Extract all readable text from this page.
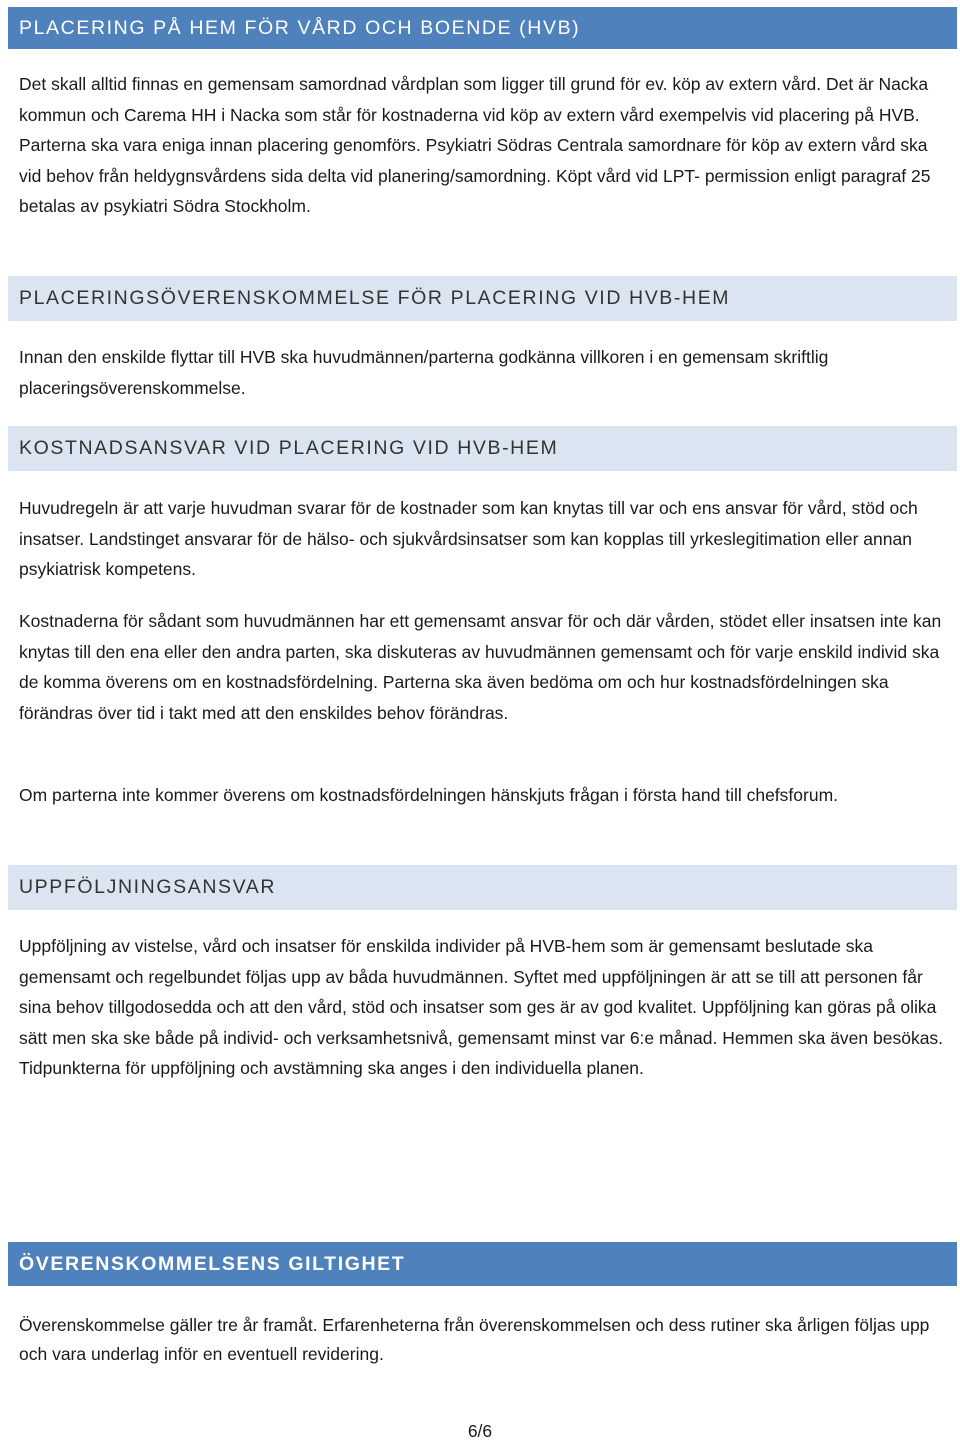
PLACERING PÅ HEM FÖR VÅRD OCH BOENDE (HVB)

Det skall alltid finnas en gemensam samordnad vårdplan som ligger till grund för ev. köp av extern vård. Det är Nacka kommun och Carema HH i Nacka som står för kostnaderna vid köp av extern vård exempelvis vid placering på HVB. Parterna ska vara eniga innan placering genomförs. Psykiatri Södras Centrala samordnare för köp av extern vård ska vid behov från heldygnsvårdens sida delta vid planering/samordning. Köpt vård vid LPT- permission enligt paragraf 25 betalas av psykiatri Södra Stockholm.

PLACERINGSÖVERENSKOMMELSE FÖR PLACERING VID HVB-HEM

Innan den enskilde flyttar till HVB ska huvudmännen/parterna godkänna villkoren i en gemensam skriftlig placeringsöverenskommelse.

KOSTNADSANSVAR VID PLACERING VID HVB-HEM

Huvudregeln är att varje huvudman svarar för de kostnader som kan knytas till var och ens ansvar för vård, stöd och insatser. Landstinget ansvarar för de hälso- och sjukvårdsinsatser som kan kopplas till yrkeslegitimation eller annan psykiatrisk kompetens.

Kostnaderna för sådant som huvudmännen har ett gemensamt ansvar för och där vården, stödet eller insatsen inte kan knytas till den ena eller den andra parten, ska diskuteras av huvudmännen gemensamt och för varje enskild individ ska de komma överens om en kostnadsfördelning. Parterna ska även bedöma om och hur kostnadsfördelningen ska förändras över tid i takt med att den enskildes behov förändras.

Om parterna inte kommer överens om kostnadsfördelningen hänskjuts frågan i första hand till chefsforum.

UPPFÖLJNINGSANSVAR

Uppföljning av vistelse, vård och insatser för enskilda individer på HVB-hem som är gemensamt beslutade ska gemensamt och regelbundet följas upp av båda huvudmännen. Syftet med uppföljningen är att se till att personen får sina behov tillgodosedda och att den vård, stöd och insatser som ges är av god kvalitet. Uppföljning kan göras på olika sätt men ska ske både på individ- och verksamhetsnivå, gemensamt minst var 6:e månad. Hemmen ska även besökas. Tidpunkterna för uppföljning och avstämning ska anges i den individuella planen.

ÖVERENSKOMMELSENS GILTIGHET

Överenskommelse gäller tre år framåt. Erfarenheterna från överenskommelsen och dess rutiner ska årligen följas upp och vara underlag inför en eventuell revidering.

6/6
